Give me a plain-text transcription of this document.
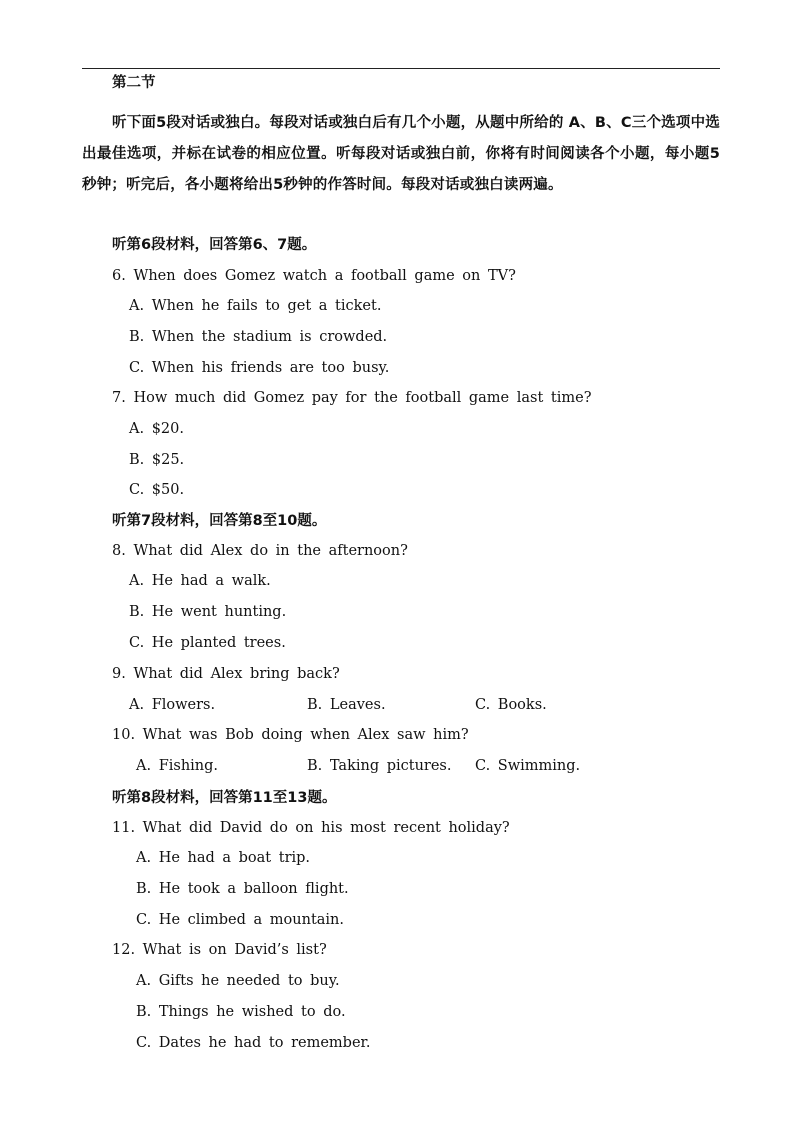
第二节
听下面5段对话或独白。每段对话或独白后有几个小题，从题中所给的 A、B、C三个选项中选出最佳选项，并标在试卷的相应位置。听每段对话或独白前，你将有时间阅读各个小题，每小题5秒钟；听完后，各小题将给出5秒钟的作答时间。每段对话或独白读两遍。
听第6段材料，回答第6、7题。
6. When does Gomez watch a football game on TV?
A. When he fails to get a ticket.
B. When the stadium is crowded.
C. When his friends are too busy.
7. How much did Gomez pay for the football game last time?
A. $20.
B. $25.
C. $50.
听第7段材料，回答第8至10题。
8. What did Alex do in the afternoon?
A. He had a walk.
B. He went hunting.
C. He planted trees.
9. What did Alex bring back?
A. Flowers.	B. Leaves.	C. Books.
10. What was Bob doing when Alex saw him?
A. Fishing.	B. Taking pictures. C. Swimming.
听第8段材料，回答第11至13题。
11. What did David do on his most recent holiday?
A. He had a boat trip.
B. He took a balloon flight.
C. He climbed a mountain.
12. What is on David’s list?
A. Gifts he needed to buy.
B. Things he wished to do.
C. Dates he had to remember.
